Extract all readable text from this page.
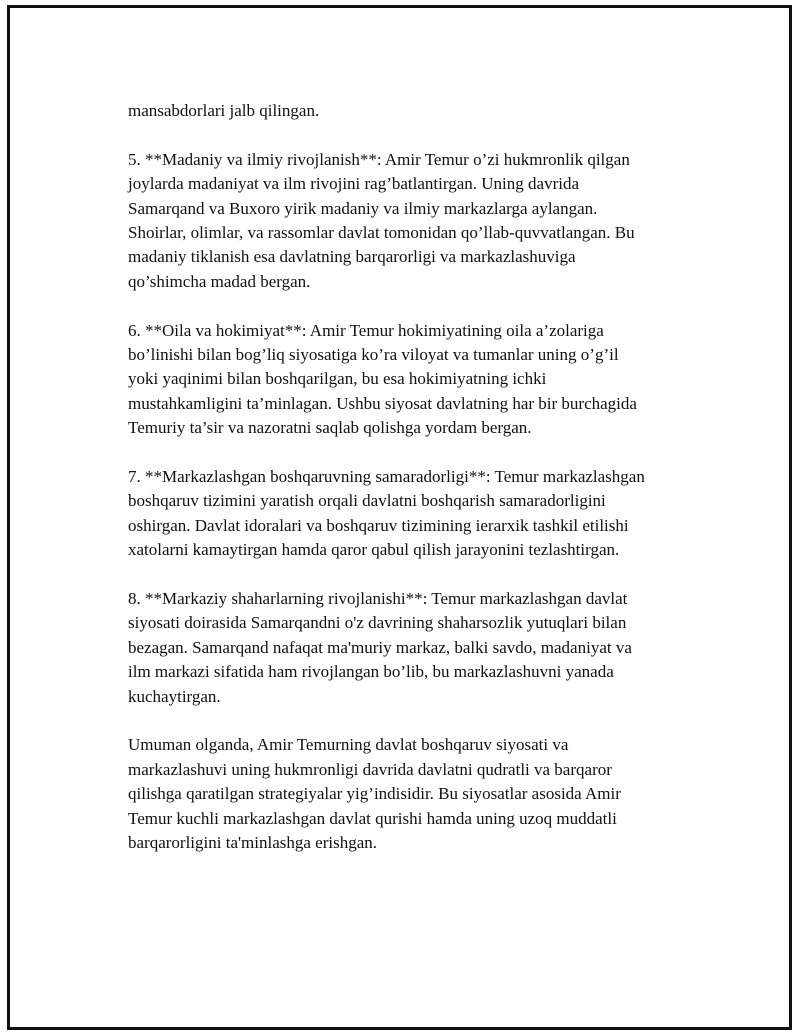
mansabdorlari jalb qilingan.

5. **Madaniy va ilmiy rivojlanish**: Amir Temur o’zi hukmronlik qilgan
joylarda madaniyat va ilm rivojini rag’batlantirgan. Uning davrida
Samarqand va Buxoro yirik madaniy va ilmiy markazlarga aylangan.
Shoirlar, olimlar, va rassomlar davlat tomonidan qo’llab-quvvatlangan. Bu
madaniy tiklanish esa davlatning barqarorligi va markazlashuviga
qo’shimcha madad bergan.

6. **Oila va hokimiyat**: Amir Temur hokimiyatining oila a’zolariga
bo’linishi bilan bog’liq siyosatiga ko’ra viloyat va tumanlar uning o’g’il
yoki yaqinimi bilan boshqarilgan, bu esa hokimiyatning ichki
mustahkamligini ta’minlagan. Ushbu siyosat davlatning har bir burchagida
Temuriy ta’sir va nazoratni saqlab qolishga yordam bergan.

7. **Markazlashgan boshqaruvning samaradorligi**: Temur markazlashgan
boshqaruv tizimini yaratish orqali davlatni boshqarish samaradorligini
oshirgan. Davlat idoralari va boshqaruv tizimining ierarxik tashkil etilishi
xatolarni kamaytirgan hamda qaror qabul qilish jarayonini tezlashtirgan.

8. **Markaziy shaharlarning rivojlanishi**: Temur markazlashgan davlat
siyosati doirasida Samarqandni o'z davrining shaharsozlik yutuqlari bilan
bezagan. Samarqand nafaqat ma'muriy markaz, balki savdo, madaniyat va
ilm markazi sifatida ham rivojlangan bo’lib, bu markazlashuvni yanada
kuchaytirgan.

Umuman olganda, Amir Temurning davlat boshqaruv siyosati va
markazlashuvi uning hukmronligi davrida davlatni qudratli va barqaror
qilishga qaratilgan strategiyalar yig’indisidir. Bu siyosatlar asosida Amir
Temur kuchli markazlashgan davlat qurishi hamda uning uzoq muddatli
barqarorligini ta'minlashga erishgan.
